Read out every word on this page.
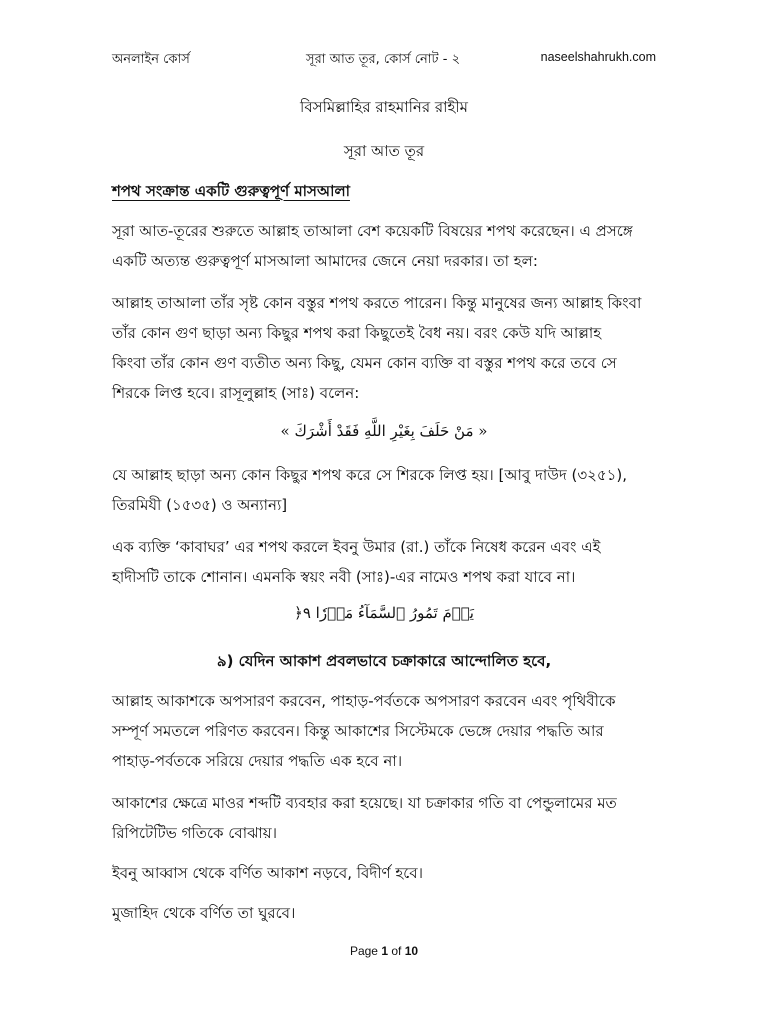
অনলাইন কোর্স	সূরা আত তূর, কোর্স নোট - ২	naseelshahrukh.com
বিসমিল্লাহির রাহমানির রাহীম
সূরা আত তূর
শপথ সংক্রান্ত একটি গুরুত্বপূর্ণ মাসআলা
সূরা আত-তূরের শুরুতে আল্লাহ তাআলা বেশ কয়েকটি বিষয়ের শপথ করেছেন। এ প্রসঙ্গে
একটি অত্যন্ত গুরুত্বপূর্ণ মাসআলা আমাদের জেনে নেয়া দরকার। তা হল:
আল্লাহ তাআলা তাঁর সৃষ্ট কোন বস্তুর শপথ করতে পারেন। কিন্তু মানুষের জন্য আল্লাহ কিংবা
তাঁর কোন গুণ ছাড়া অন্য কিছুর শপথ করা কিছুতেই বৈধ নয়। বরং কেউ যদি আল্লাহ
কিংবা তাঁর কোন গুণ ব্যতীত অন্য কিছু, যেমন কোন ব্যক্তি বা বস্তুর শপথ করে তবে সে
শিরকে লিপ্ত হবে। রাসূলুল্লাহ (সাঃ) বলেন:
« مَنْ حَلَفَ بِغَيْرِ اللَّهِ فَقَدْ أَشْرَكَ »
যে আল্লাহ ছাড়া অন্য কোন কিছুর শপথ করে সে শিরকে লিপ্ত হয়। [আবু দাউদ (৩২৫১),
তিরমিযী (১৫৩৫) ও অন্যান্য]
এক ব্যক্তি ‘কাবাঘর’ এর শপথ করলে ইবনু উমার (রা.) তাঁকে নিষেধ করেন এবং এই
হাদীসটি তাকে শোনান। এমনকি স্বয়ং নবী (সাঃ)-এর নামেও শপথ করা যাবে না।
﴿يَوۡمَ تَمُورُ ٱلسَّمَآءُ مَوۡرٗا ٩
৯) যেদিন আকাশ প্রবলভাবে চক্রাকারে আন্দোলিত হবে,
আল্লাহ আকাশকে অপসারণ করবেন, পাহাড়-পর্বতকে অপসারণ করবেন এবং পৃথিবীকে
সম্পূর্ণ সমতলে পরিণত করবেন। কিন্তু আকাশের সিস্টেমকে ভেঙ্গে দেয়ার পদ্ধতি আর
পাহাড়-পর্বতকে সরিয়ে দেয়ার পদ্ধতি এক হবে না।
আকাশের ক্ষেত্রে মাওর শব্দটি ব্যবহার করা হয়েছে। যা চক্রাকার গতি বা পেন্ডুলামের মত
রিপিটেটিভ গতিকে বোঝায়।
ইবনু আব্বাস থেকে বর্ণিত আকাশ নড়বে, বিদীর্ণ হবে।
মুজাহিদ থেকে বর্ণিত তা ঘুরবে।
Page 1 of 10
